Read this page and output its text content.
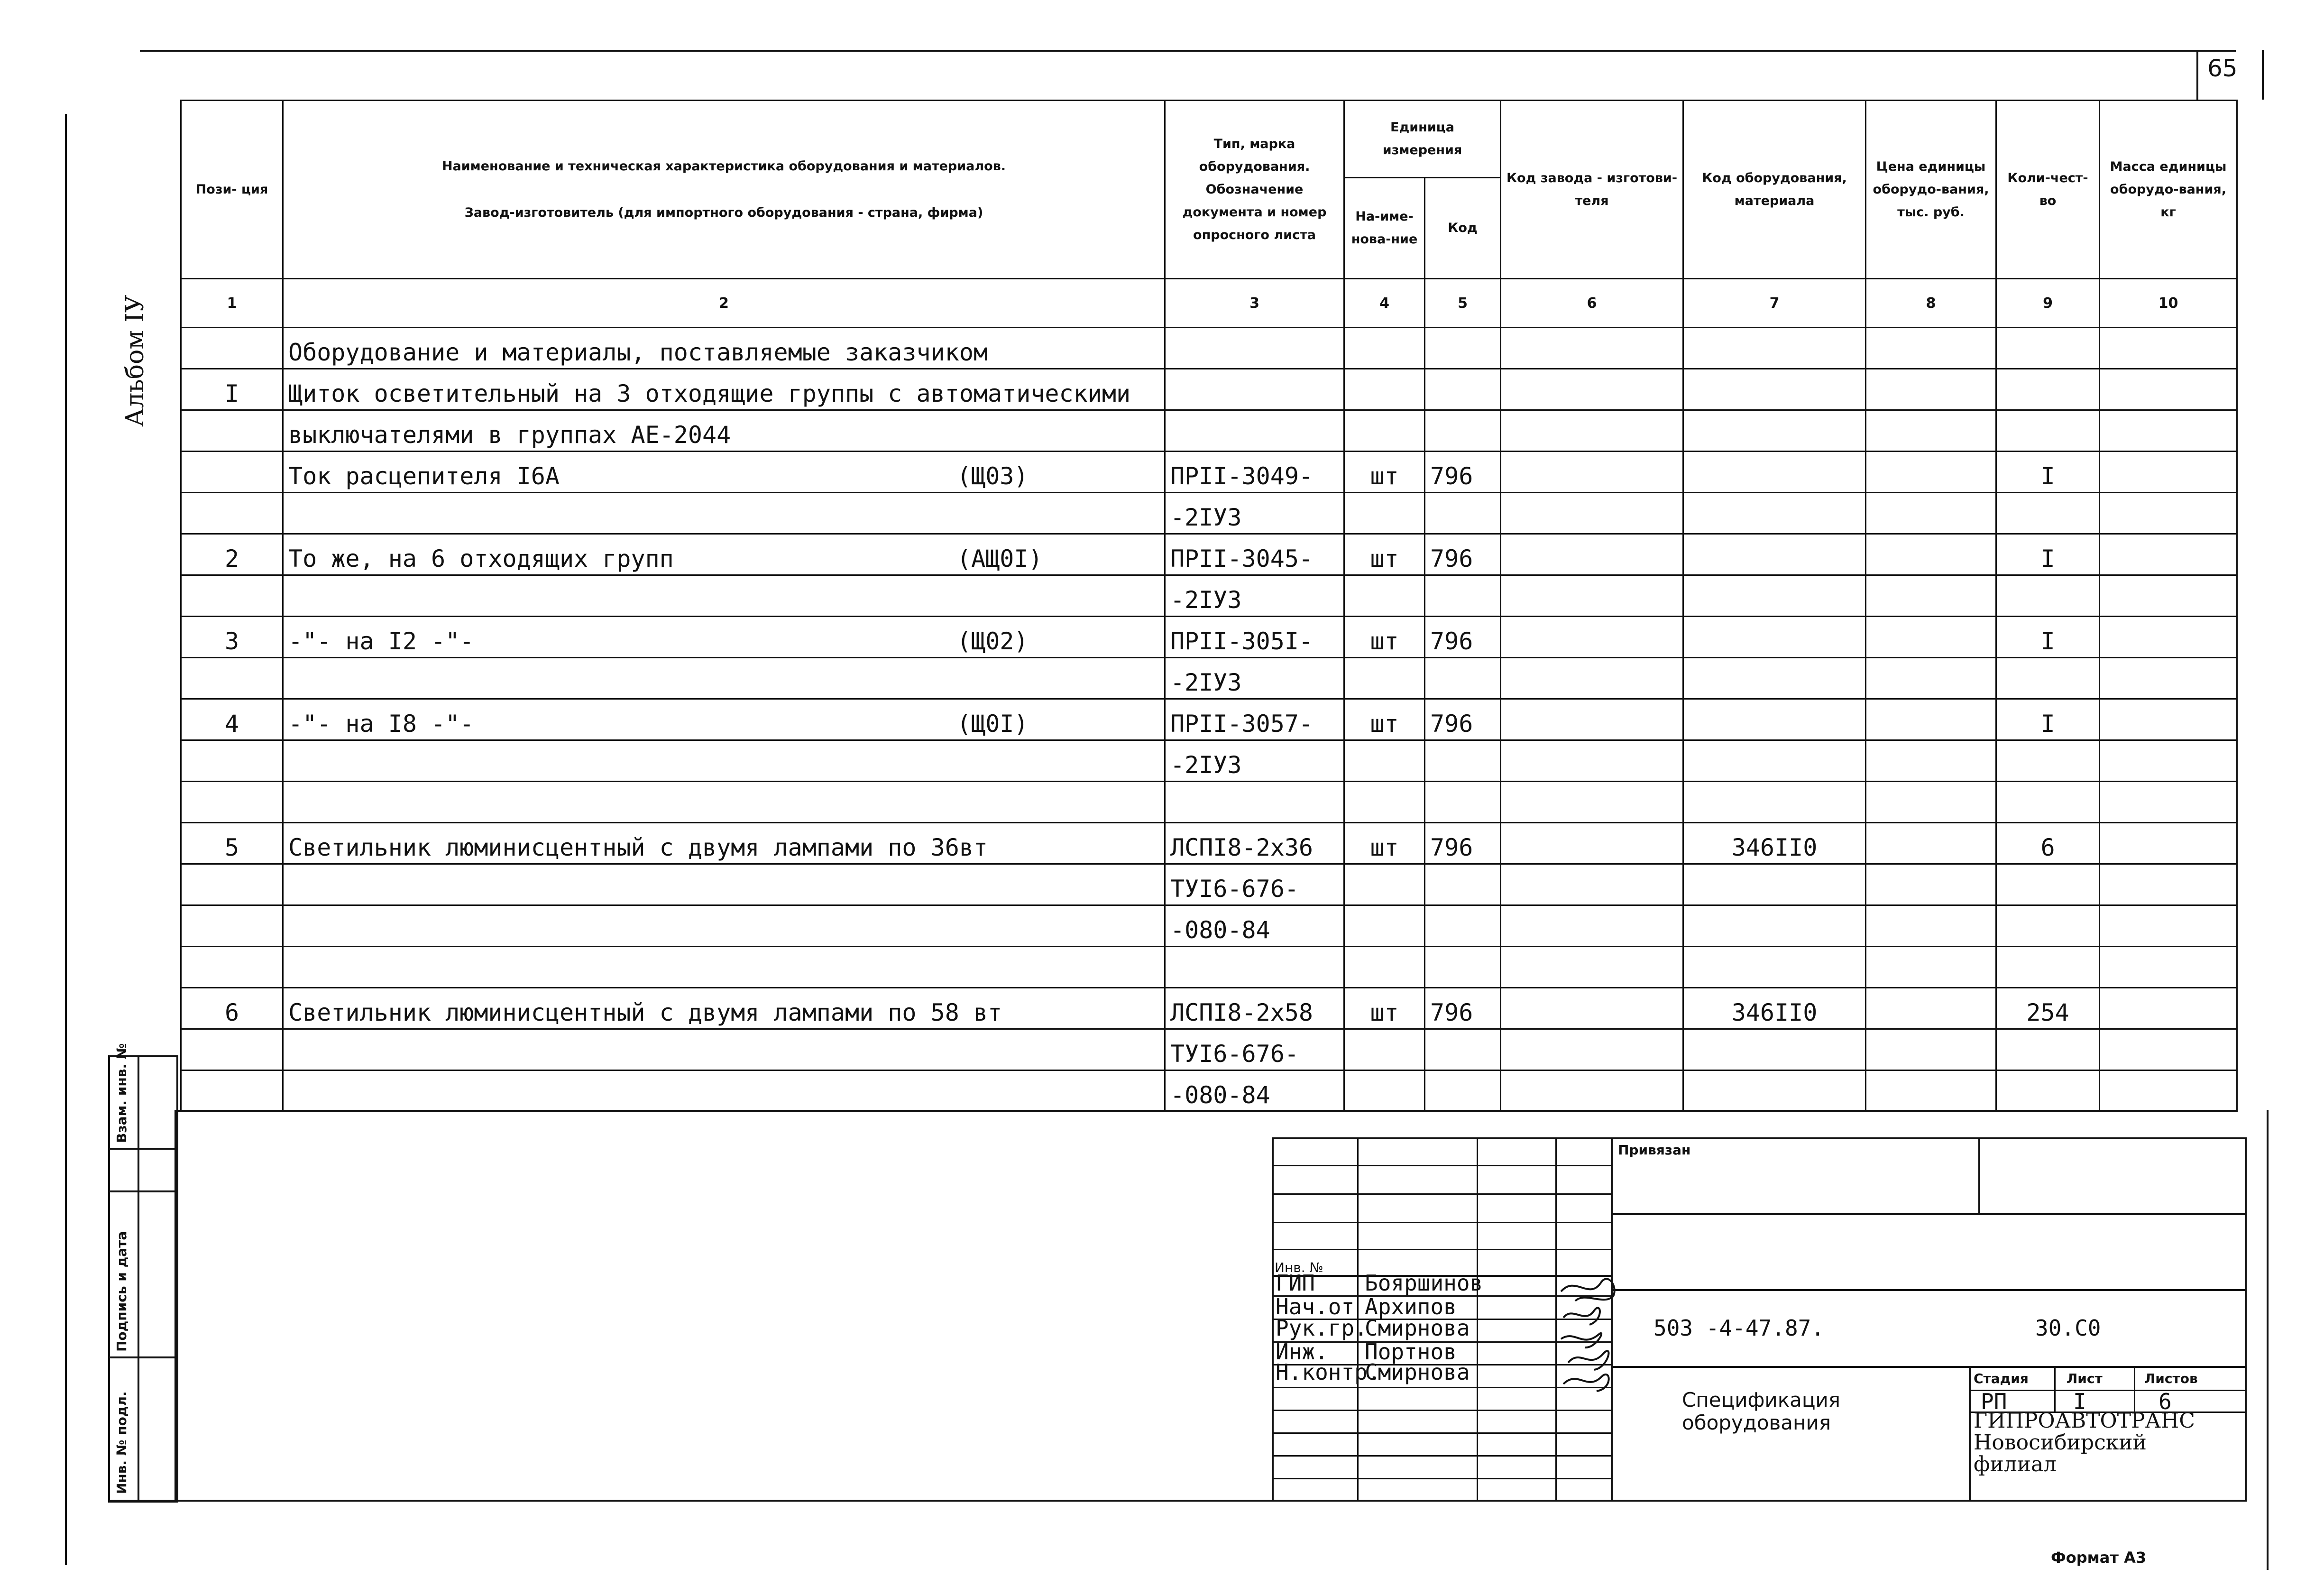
65
Альбом IУ
Пози- ция	Наименование и техническая характеристика оборудования и материалов.
Завод-изготовитель (для импортного оборудования - страна, фирма)	Тип, марка оборудования. Обозначение документа и номер опросного листа	Единица измерения		Код завода - изготови-теля	Код оборудования, материала	Цена единицы оборудо-вания, тыс. руб.	Коли-чест-во	Масса единицы оборудо-вания, кг
			На-име-нова-ние	Код					
1	2	3	4	5	6	7	8	9	10
	Оборудование и материалы, поставляемые заказчиком								
I	Щиток осветительный на 3 отходящие группы с автоматическими								
	выключателями в группах АЕ-2044								
	Ток расцепителя I6A (Щ03)	ПРII-3049-	шт	796				I	
		-2IУ3							
2	То же, на 6 отходящих групп (АЩ0I)	ПРII-3045-	шт	796				I	
		-2IУ3							
3	-"- на I2 -"- (Щ02)	ПРII-305I-	шт	796				I	
		-2IУ3							
4	-"- на I8 -"- (Щ0I)	ПРII-3057-	шт	796				I	
		-2IУ3							

5	Светильник люминисцентный с двумя лампами по 36вт	ЛСПI8-2x36	шт	796		346II0		6	
		ТУI6-676-							
		-080-84							

6	Светильник люминисцентный с двумя лампами по 58 вт	ЛСПI8-2x58	шт	796		346II0		254	
		ТУI6-676-							
		-080-84							
Инв. № подл.
Подпись и дата
Взам. инв. №
Привязан
Инв. №
ГИП Бояршинов
Нач.от Архипов
Рук.гр.
Смирнова
Инж. Портнов
Н.контр.
Смирнова
503 -4-47.87.	30.С0
Спецификация
оборудования
Стадия	Лист	Листов
РП	I	6
ГИПРОАВТОТРАНС
Новосибирский
филиал
Формат А3
